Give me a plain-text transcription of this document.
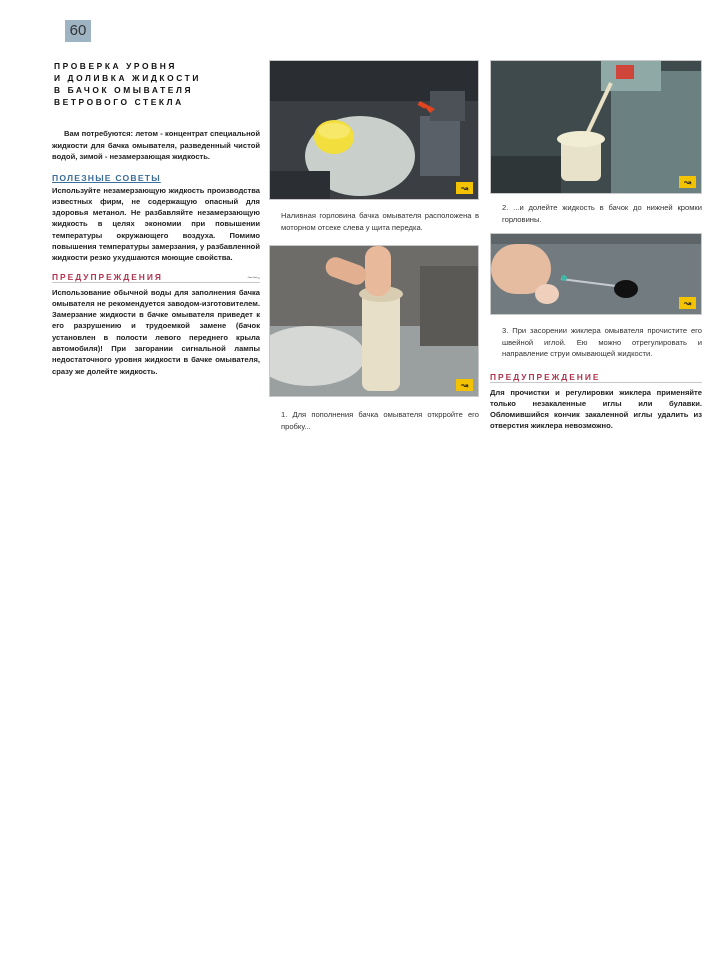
60
ПРОВЕРКА УРОВНЯ
И ДОЛИВКА ЖИДКОСТИ
В БАЧОК ОМЫВАТЕЛЯ
ВЕТРОВОГО СТЕКЛА

Вам потребуются: летом - концентрат специальной жидкости для бачка омывателя, разведенный чистой водой, зимой - незамерзающая жидкость.

ПОЛЕЗНЫЕ СОВЕТЫ

Используйте незамерзающую жидкость производства известных фирм, не содержащую опасный для здоровья метанол. Не разбавляйте незамерзающую жидкость в целях экономии при повышении температуры окружающего воздуха. Помимо повышения температуры замерзания, у разбавленной жидкости резко ухудшаются моющие свойства.

ПРЕДУПРЕЖДЕНИЯ	~~-

Использование обычной воды для заполнения бачка омывателя не рекомендуется заводом-изготовителем. Замерзание жидкости в бачке омывателя приведет к его разрушению и трудоемкой замене (бачок установлен в полости левого переднего крыла автомобиля)! При загорании сигнальной лампы недостаточного уровня жидкости в бачке омывателя, сразу же долейте жидкость.

↝

Наливная горловина бачка омывателя расположена в моторном отсеке слева у щита передка.

↝

1. Для пополнения бачка омывателя открройте его пробку...

↝

2. ...и долейте жидкость в бачок до нижней кромки горловины.

↝

3. При засорении жиклера омывателя прочистите его швейной иглой. Ею можно отрегулировать и направление струи омывающей жидкости.

ПРЕДУПРЕЖДЕНИЕ

Для прочистки и регулировки жиклера применяйте только незакаленные иглы или булавки. Обломившийся кончик закаленной иглы удалить из отверстия жиклера невозможно.
